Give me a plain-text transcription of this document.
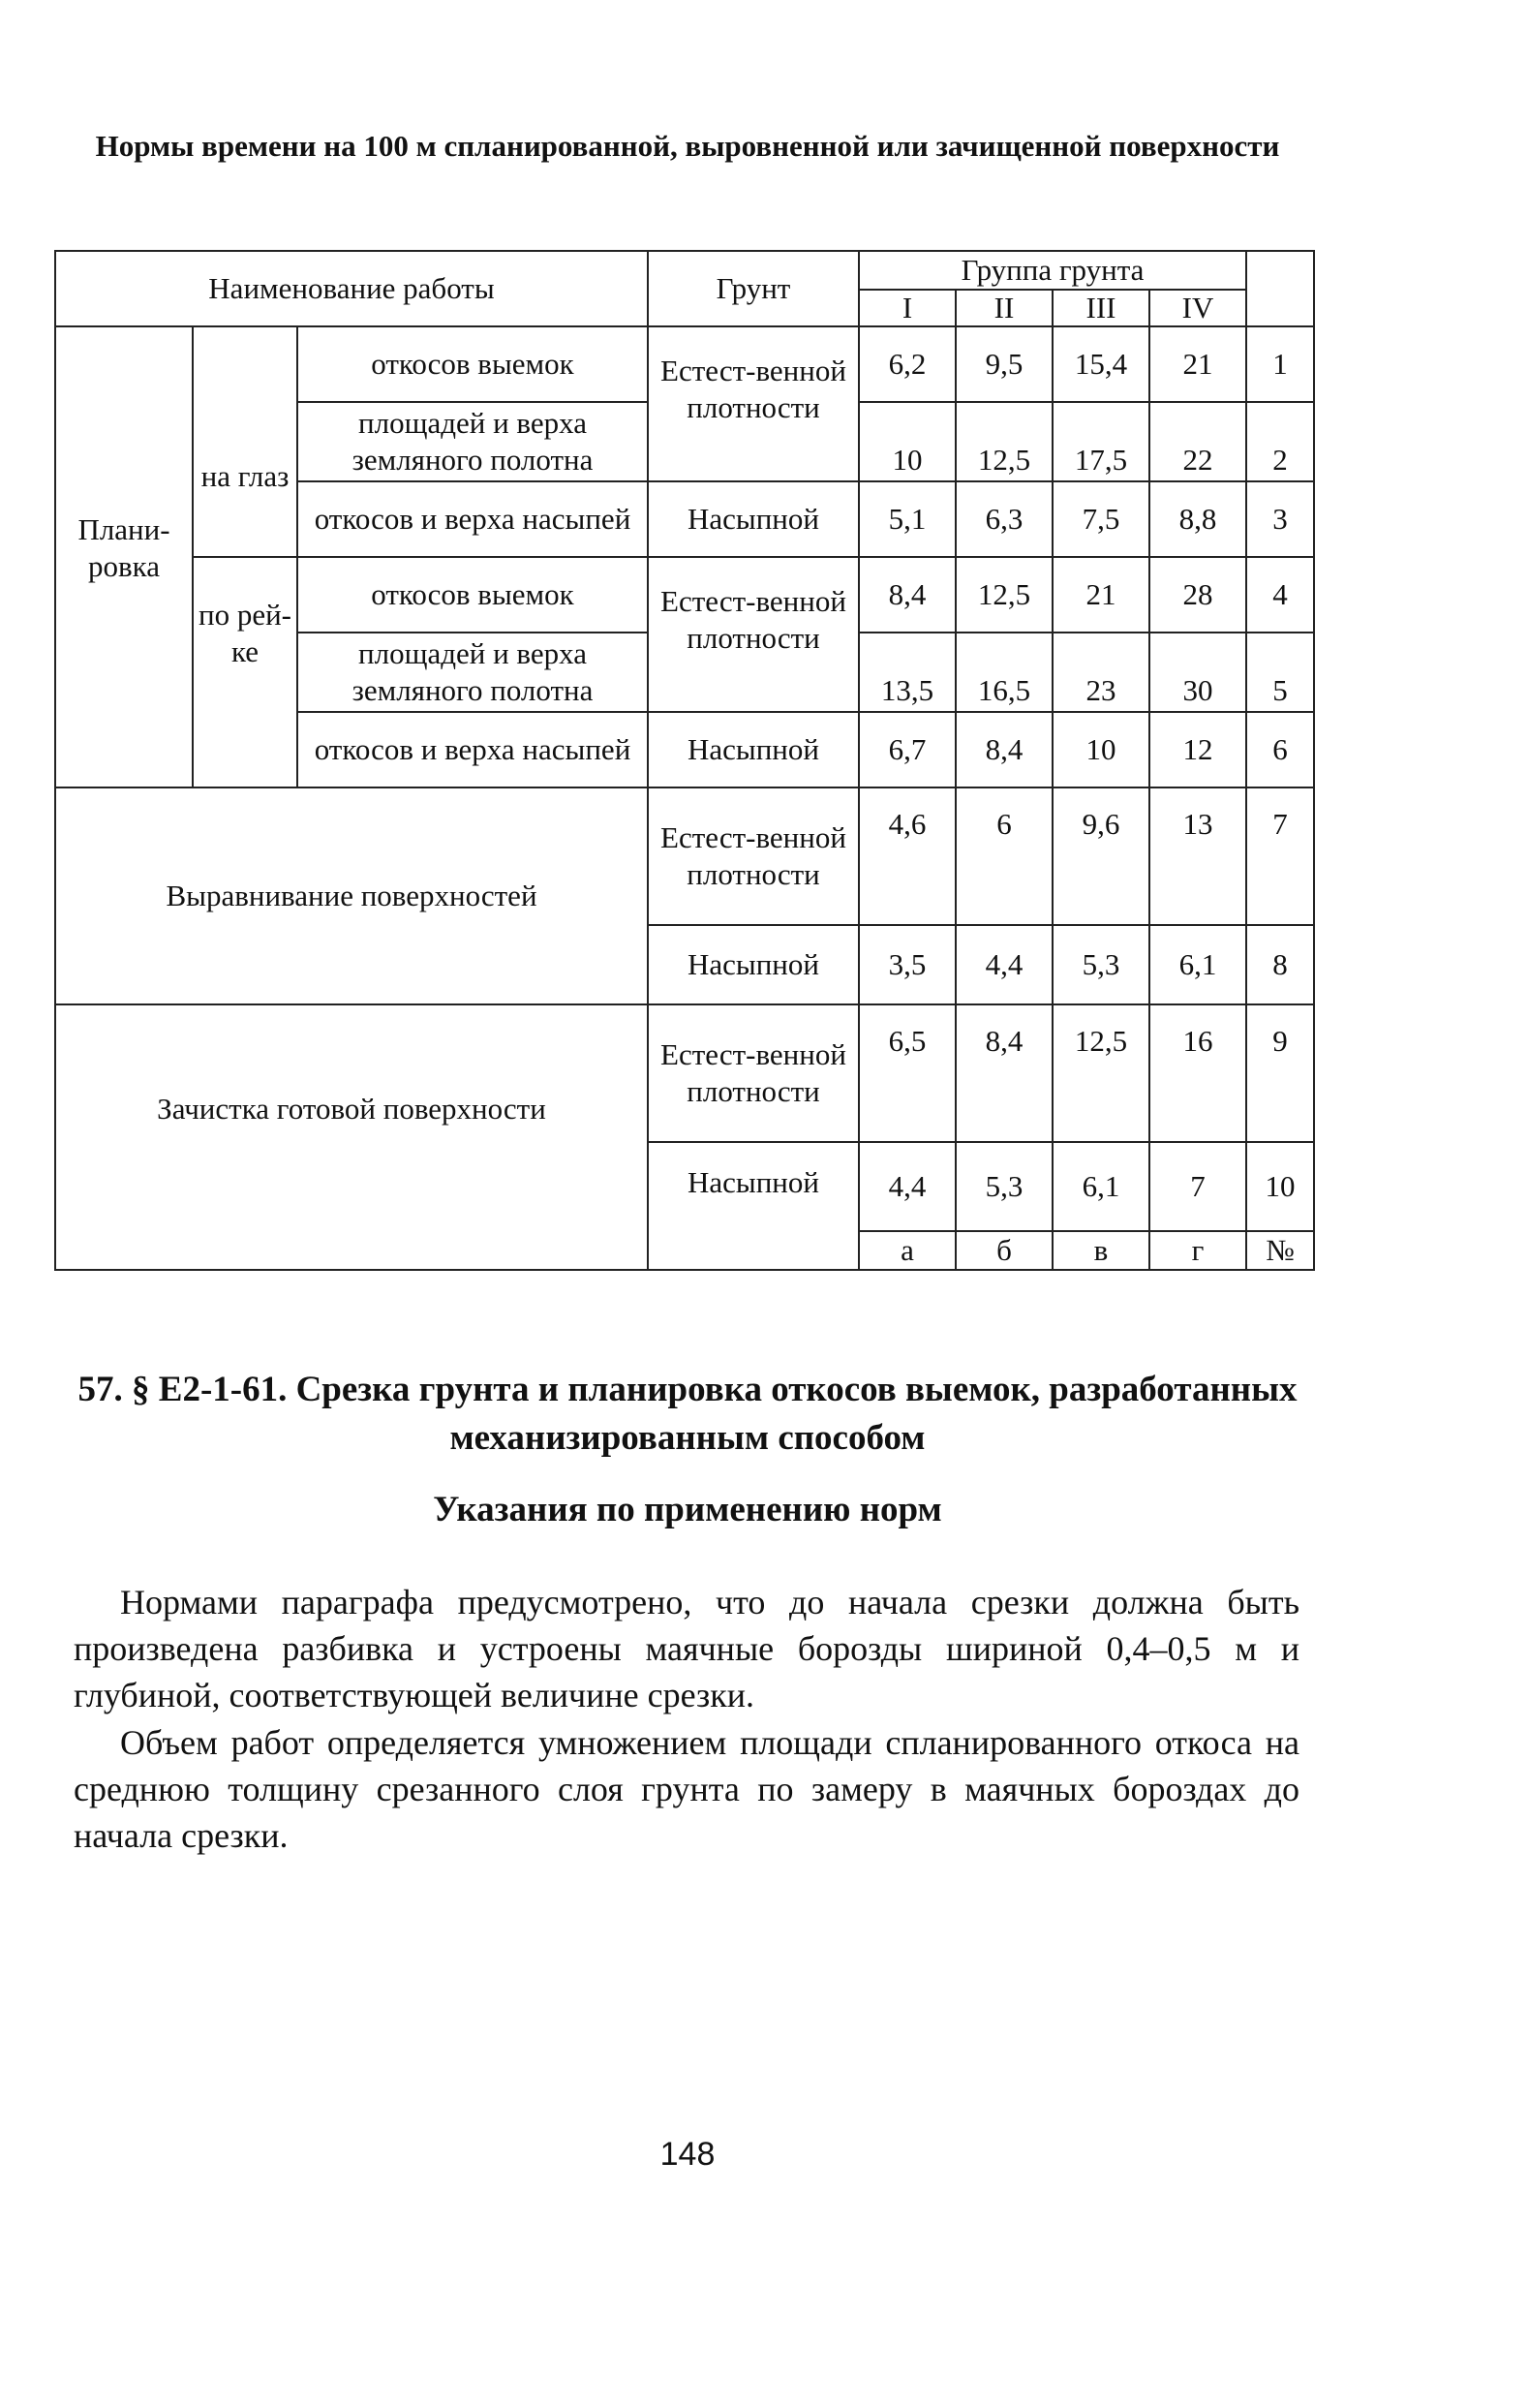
Нормы времени на 100 м спланированной, выровненной или зачищенной поверхности
Наименование работы			Грунт	Группа грунта				
				I	II	III	IV	
Плани-ровка	на глаз	откосов выемок	Естест-венной плотности	6,2	9,5	15,4	21	1
		площадей и верха земляного полотна		10	12,5	17,5	22	2
		откосов и верха насыпей	Насыпной	5,1	6,3	7,5	8,8	3
	по рей-ке	откосов выемок	Естест-венной плотности	8,4	12,5	21	28	4
		площадей и верха земляного полотна		13,5	16,5	23	30	5
		откосов и верха насыпей	Насыпной	6,7	8,4	10	12	6
Выравнивание поверхностей			Естест-венной плотности	4,6	6	9,6	13	7
			Насыпной	3,5	4,4	5,3	6,1	8
Зачистка готовой поверхности			Естест-венной плотности	6,5	8,4	12,5	16	9
			Насыпной	4,4	5,3	6,1	7	10
				а	б	в	г	№
57. § Е2-1-61. Срезка грунта и планировка откосов выемок, разработанных механизированным способом
Указания по применению норм

Нормами параграфа предусмотрено, что до начала срезки должна быть произведена разбивка и устроены маячные борозды шириной 0,4–0,5 м и глубиной, соответствующей величине срезки.

Объем работ определяется умножением площади спланированного откоса на среднюю толщину срезанного слоя грунта по замеру в маячных бороздах до начала срезки.

148
